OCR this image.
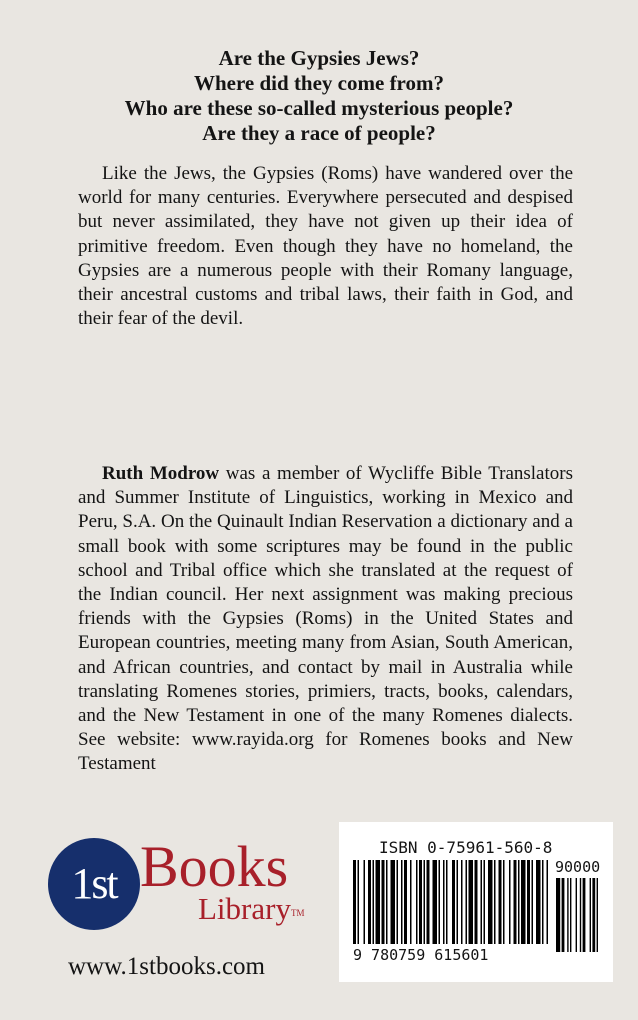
Are the Gypsies Jews?
Where did they come from?
Who are these so-called mysterious people?
Are they a race of people?

Like the Jews, the Gypsies (Roms) have wandered over the world for many centuries. Everywhere persecuted and despised but never assimilated, they have not given up their idea of primitive freedom. Even though they have no homeland, the Gypsies are a numerous people with their Romany language, their ancestral customs and tribal laws, their faith in God, and their fear of the devil.

Ruth Modrow was a member of Wycliffe Bible Translators and Summer Institute of Linguistics, working in Mexico and Peru, S.A. On the Quinault Indian Reservation a dictionary and a small book with some scriptures may be found in the public school and Tribal office which she translated at the request of the Indian council. Her next assignment was making precious friends with the Gypsies (Roms) in the United States and European countries, meeting many from Asian, South American, and African countries, and contact by mail in Australia while translating Romenes stories, primiers, tracts, books, calendars, and the New Testament in one of the many Romenes dialects. See website: www.rayida.org for Romenes books and New Testament

1st Books
Library™
www.1stbooks.com
ISBN 0-75961-560-8
90000
9 780759 615601
